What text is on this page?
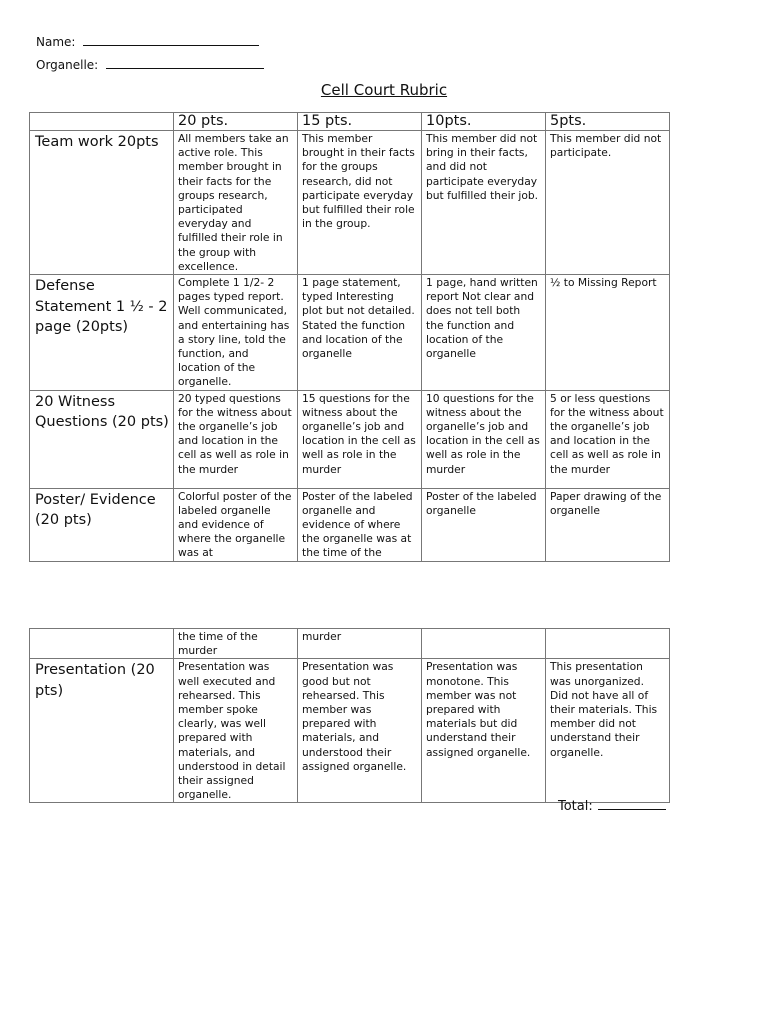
Name:
Organelle:
Cell Court Rubric
	20 pts.	15 pts.	10pts.	5pts.
Team work 20pts	All members take an active role. This member brought in their facts for the groups research, participated everyday and fulfilled their role in the group with excellence.	This member brought in their facts for the groups research, did not participate everyday but fulfilled their role in the group.	This member did not bring in their facts, and did not participate everyday but fulfilled their job.	This member did not participate.
Defense Statement 1 ½ - 2 page (20pts)	Complete 1 1/2- 2 pages typed report. Well communicated, and entertaining has a story line, told the function, and location of the organelle.	1 page statement, typed Interesting plot but not detailed. Stated the function and location of the organelle	1 page, hand written report Not clear and does not tell both the function and location of the organelle	½ to Missing Report
20 Witness Questions (20 pts)	20 typed questions for the witness about the organelle’s job and location in the cell as well as role in the murder	15 questions for the witness about the organelle’s job and location in the cell as well as role in the murder	10 questions for the witness about the organelle’s job and location in the cell as well as role in the murder	5 or less questions for the witness about the organelle’s job and location in the cell as well as role in the murder
Poster/ Evidence (20 pts)	Colorful poster of the labeled organelle and evidence of where the organelle was at	Poster of the labeled organelle and evidence of where the organelle was at the time of the	Poster of the labeled organelle	Paper drawing of the organelle
	the time of the murder	murder		
Presentation (20 pts)	Presentation was well executed and rehearsed. This member spoke clearly, was well prepared with materials, and understood in detail their assigned organelle.	Presentation was good but not rehearsed. This member was prepared with materials, and understood their assigned organelle.	Presentation was monotone. This member was not prepared with materials but did understand their assigned organelle.	This presentation was unorganized. Did not have all of their materials. This member did not understand their organelle.
Total:
